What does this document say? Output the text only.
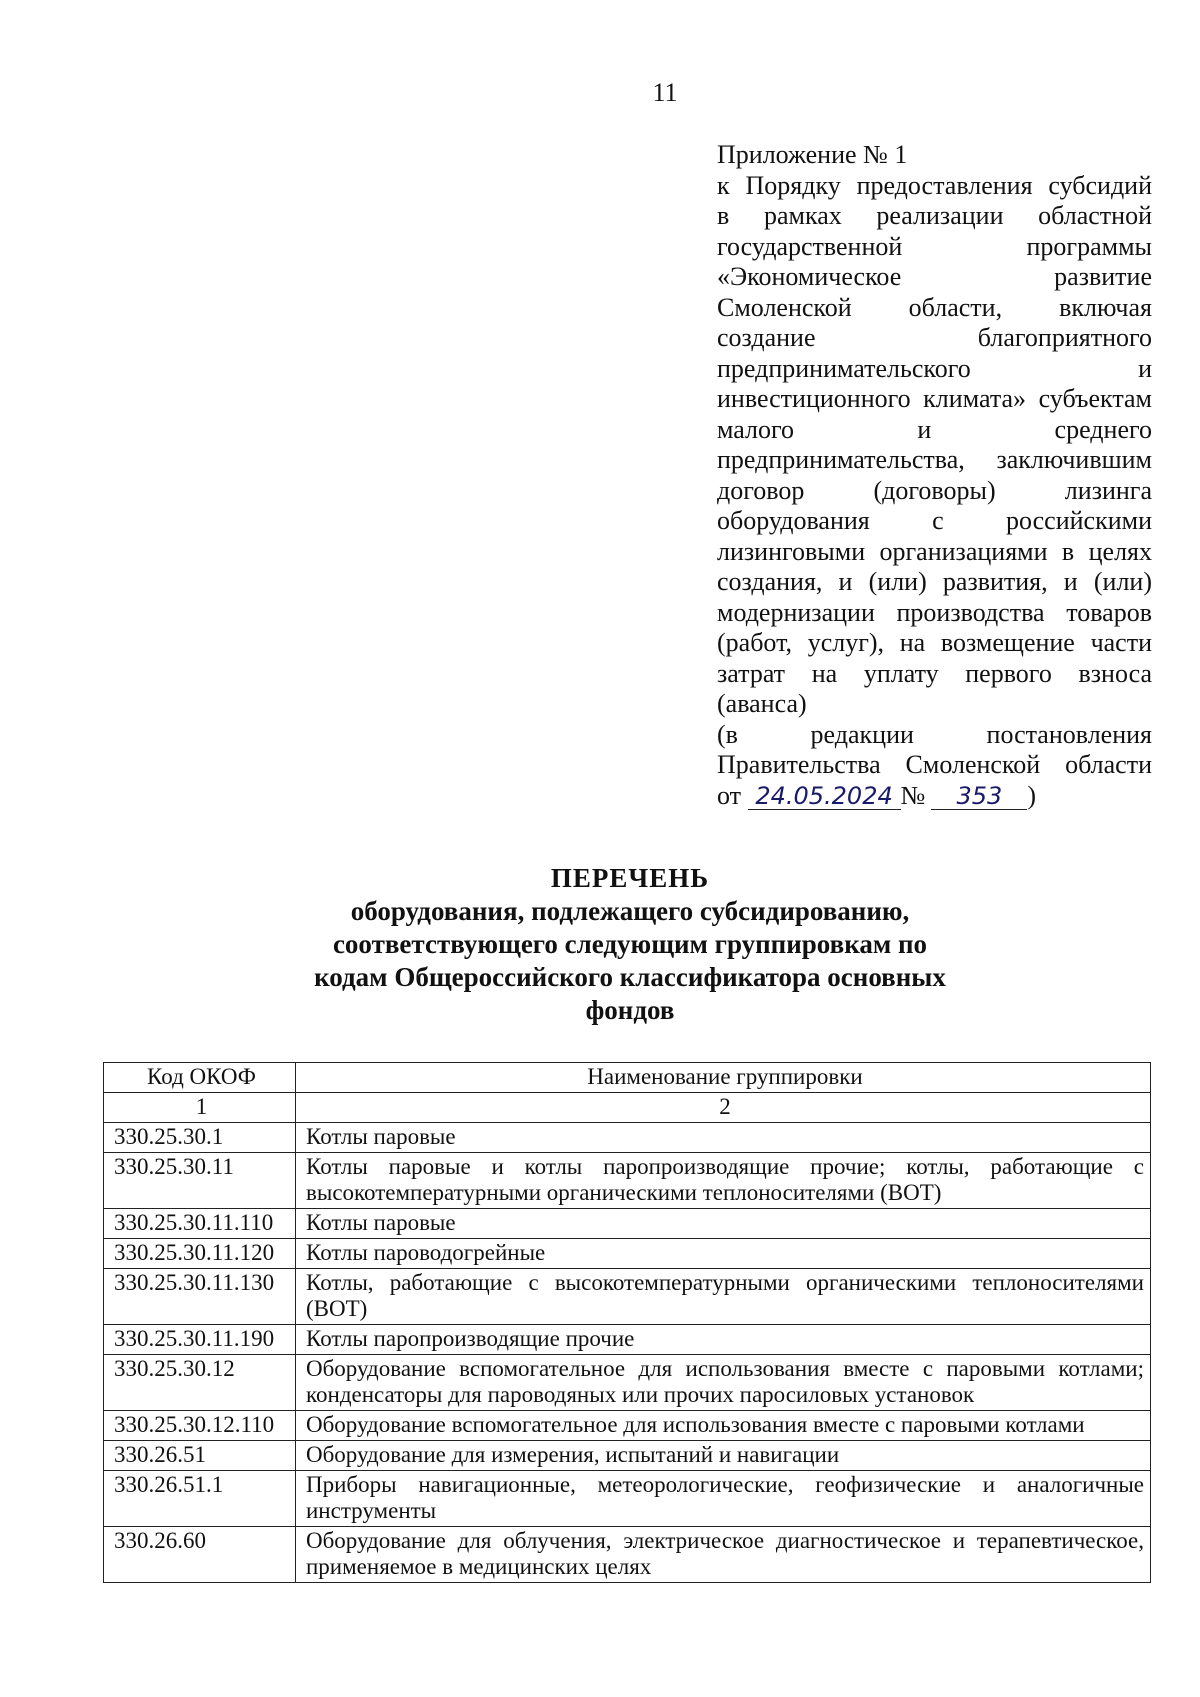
11
Приложение № 1
к Порядку предоставления субсидий
в рамках реализации областной
государственной программы
«Экономическое развитие
Смоленской области, включая
создание благоприятного
предпринимательского и
инвестиционного климата» субъектам
малого и среднего
предпринимательства, заключившим
договор (договоры) лизинга
оборудования с российскими
лизинговыми организациями в целях
создания, и (или) развития, и (или)
модернизации производства товаров
(работ, услуг), на возмещение части
затрат на уплату первого взноса
(аванса)
(в редакции постановления
Правительства Смоленской области
от
24.05.2024 №	353 )
ПЕРЕЧЕНЬ
оборудования, подлежащего субсидированию,
соответствующего следующим группировкам по
кодам Общероссийского классификатора основных
фондов
Код ОКОФ	Наименование группировки
1	2
330.25.30.1	Котлы паровые
330.25.30.11	Котлы паровые и котлы паропроизводящие прочие; котлы, работающие с высокотемпературными органическими теплоносителями (ВОТ)
330.25.30.11.110	Котлы паровые
330.25.30.11.120	Котлы пароводогрейные
330.25.30.11.130	Котлы, работающие с высокотемпературными органическими теплоносителями (ВОТ)
330.25.30.11.190	Котлы паропроизводящие прочие
330.25.30.12	Оборудование вспомогательное для использования вместе с паровыми котлами; конденсаторы для пароводяных или прочих паросиловых установок
330.25.30.12.110	Оборудование вспомогательное для использования вместе с паровыми котлами
330.26.51	Оборудование для измерения, испытаний и навигации
330.26.51.1	Приборы навигационные, метеорологические, геофизические и аналогичные инструменты
330.26.60	Оборудование для облучения, электрическое диагностическое и терапевтическое, применяемое в медицинских целях
